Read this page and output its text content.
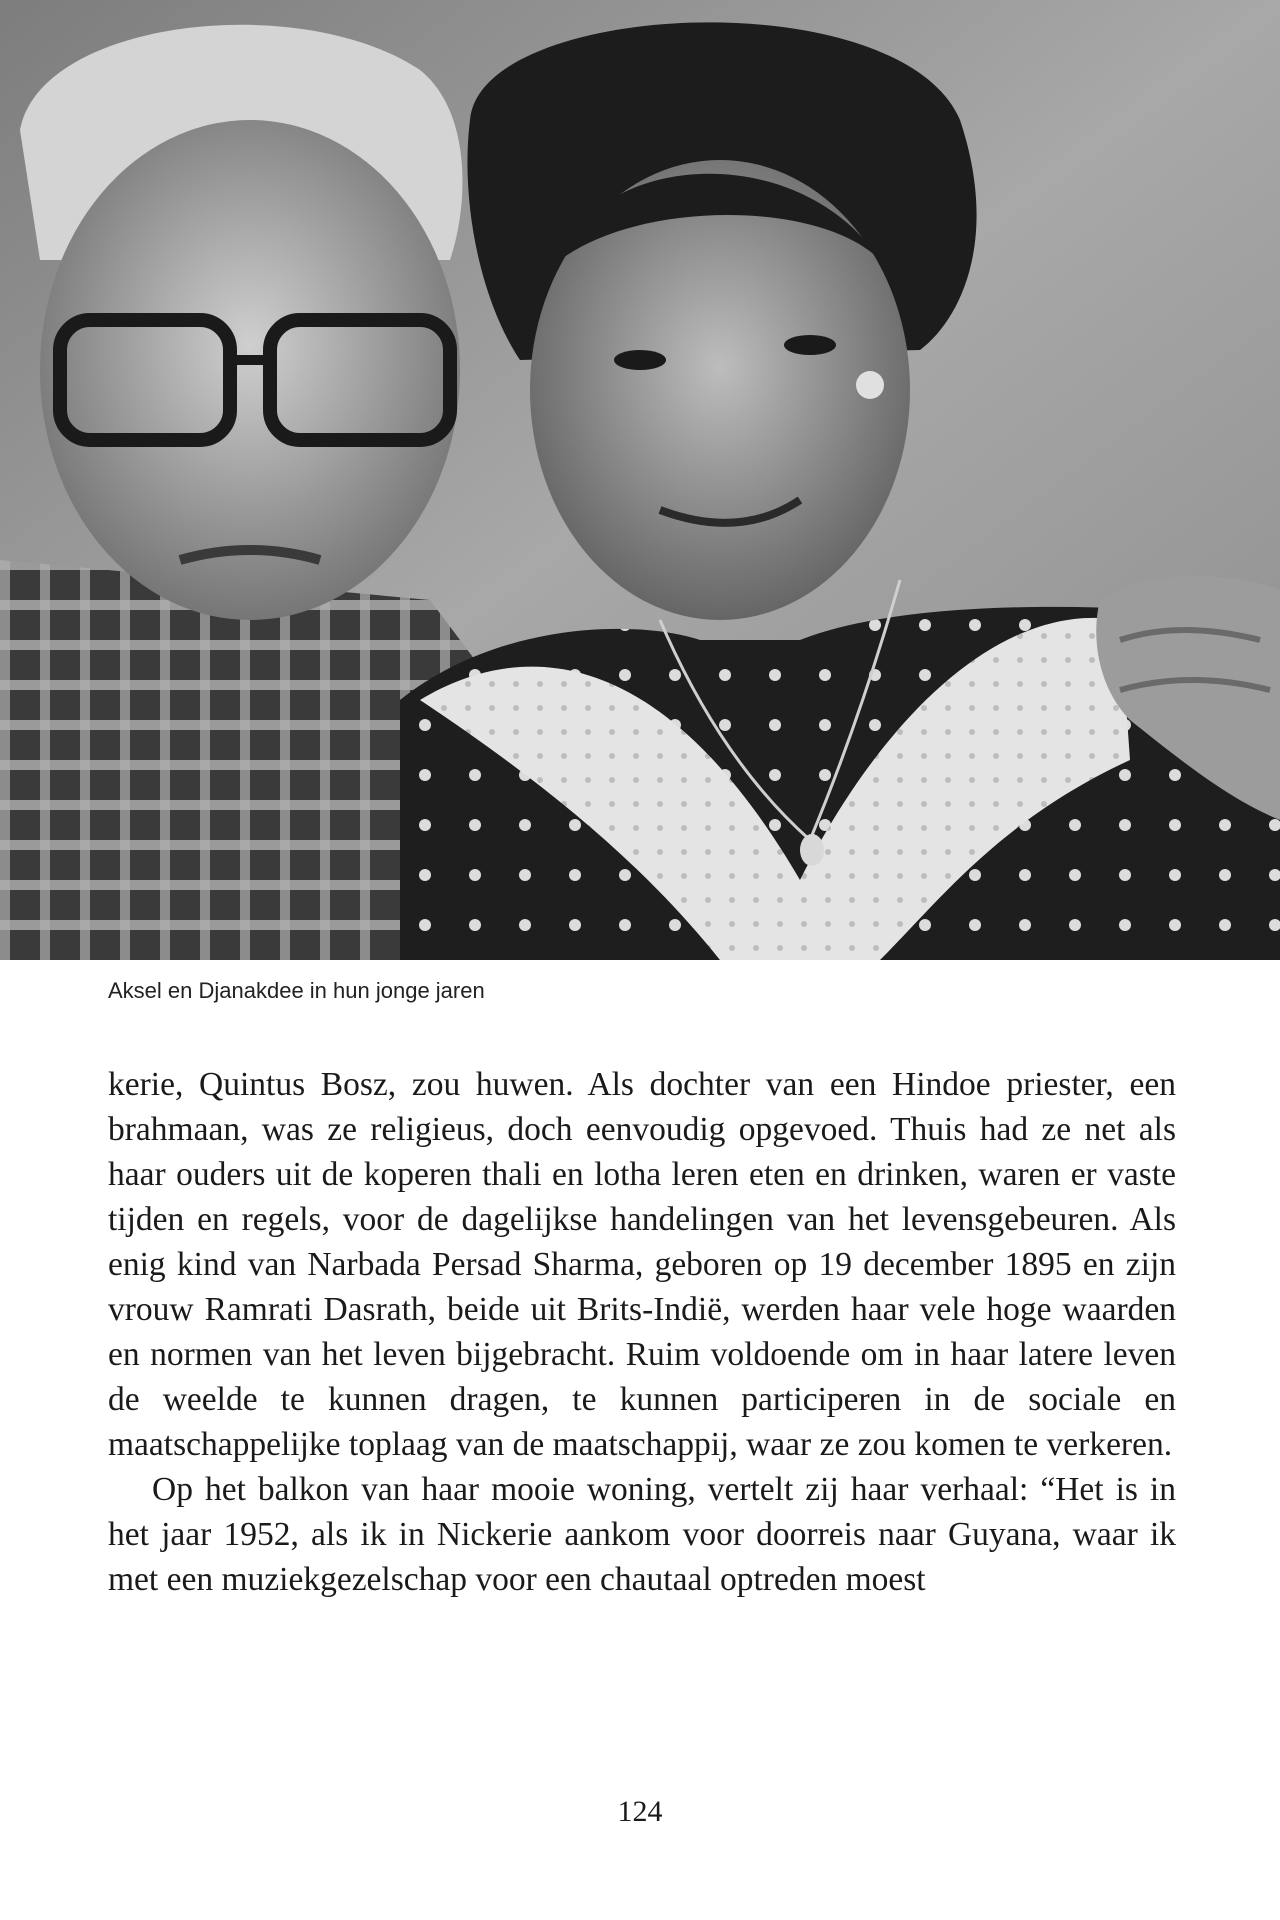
Aksel en Djanakdee in hun jonge jaren

kerie, Quintus Bosz, zou huwen. Als dochter van een Hindoe priester, een brahmaan, was ze religieus, doch eenvoudig opgevoed. Thuis had ze net als haar ouders uit de koperen thali en lotha leren eten en drinken, waren er vaste tijden en regels, voor de dagelijkse handelingen van het levensgebeuren. Als enig kind van Narbada Persad Sharma, geboren op 19 december 1895 en zijn vrouw Ramrati Dasrath, beide uit Brits-Indië, werden haar vele hoge waarden en normen van het leven bijgebracht. Ruim voldoende om in haar latere leven de weelde te kunnen dragen, te kunnen participeren in de sociale en maatschappelijke toplaag van de maatschappij, waar ze zou komen te verkeren.

Op het balkon van haar mooie woning, vertelt zij haar verhaal: “Het is in het jaar 1952, als ik in Nickerie aankom voor doorreis naar Guyana, waar ik met een muziekgezelschap voor een chautaal optreden moest

124
